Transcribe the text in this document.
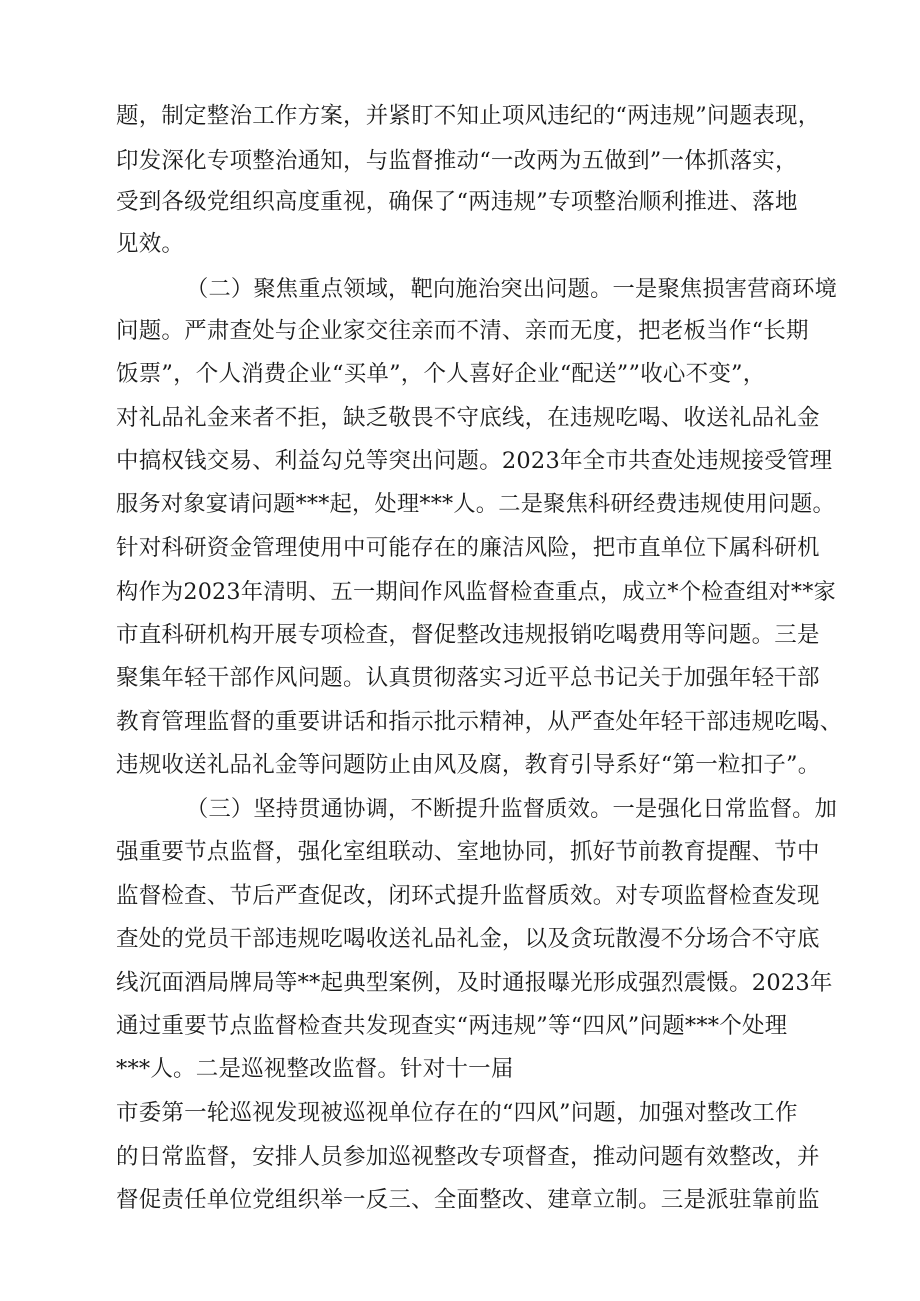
题，制定整治工作方案，并紧盯不知止项风违纪的“两违规”问题表现，
印发深化专项整治通知，与监督推动“一改两为五做到”一体抓落实，
受到各级党组织高度重视，确保了“两违规”专项整治顺利推进、落地
见效。
（二）聚焦重点领域，靶向施治突出问题。一是聚焦损害营商环境
问题。严肃查处与企业家交往亲而不清、亲而无度，把老板当作“长期
饭票”，个人消费企业“买单”，个人喜好企业“配送””收心不变”，
对礼品礼金来者不拒，缺乏敬畏不守底线，在违规吃喝、收送礼品礼金
中搞权钱交易、利益勾兑等突出问题。2023年全市共查处违规接受管理
服务对象宴请问题***起，处理***人。二是聚焦科研经费违规使用问题。
针对科研资金管理使用中可能存在的廉洁风险，把市直单位下属科研机
构作为2023年清明、五一期间作风监督检查重点，成立*个检查组对**家
市直科研机构开展专项检查，督促整改违规报销吃喝费用等问题。三是
聚集年轻干部作风问题。认真贯彻落实习近平总书记关于加强年轻干部
教育管理监督的重要讲话和指示批示精神，从严查处年轻干部违规吃喝、
违规收送礼品礼金等问题防止由风及腐，教育引导系好“第一粒扣子”。
（三）坚持贯通协调，不断提升监督质效。一是强化日常监督。加
强重要节点监督，强化室组联动、室地协同，抓好节前教育提醒、节中
监督检查、节后严查促改，闭环式提升监督质效。对专项监督检查发现
查处的党员干部违规吃喝收送礼品礼金，以及贪玩散漫不分场合不守底
线沉面酒局牌局等**起典型案例，及时通报曝光形成强烈震慑。2023年
通过重要节点监督检查共发现查实“两违规”等“四风”问题***个处理
***人。二是巡视整改监督。针对十一届
市委第一轮巡视发现被巡视单位存在的“四风”问题，加强对整改工作
的日常监督，安排人员参加巡视整改专项督查，推动问题有效整改，并
督促责任单位党组织举一反三、全面整改、建章立制。三是派驻靠前监
